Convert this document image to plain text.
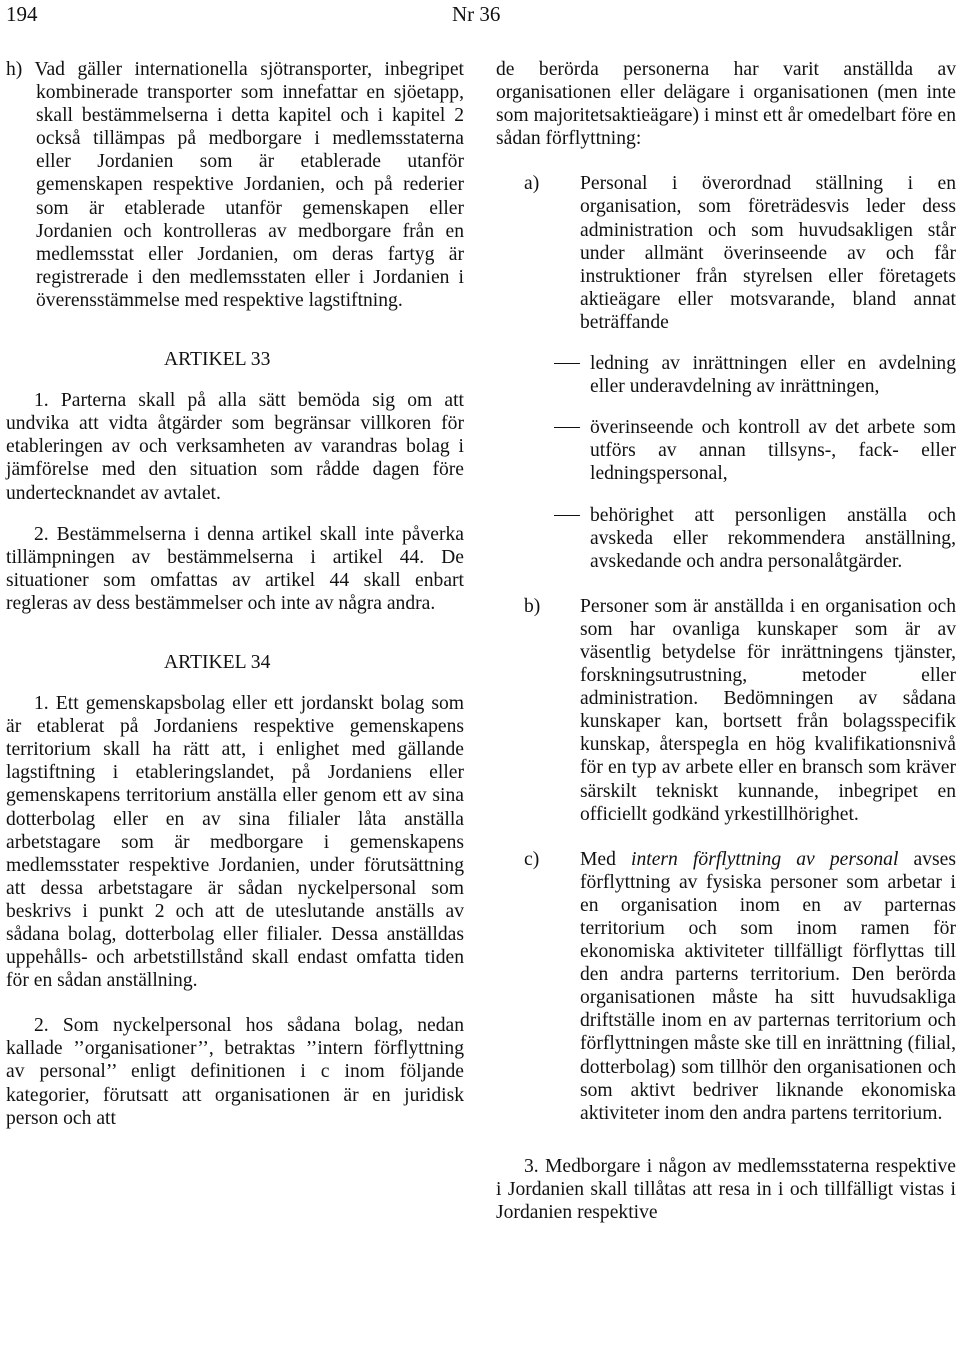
194	Nr 36

h) Vad gäller internationella sjötransporter, inbegripet kombinerade transporter som innefattar en sjöetapp, skall bestämmelserna i detta kapitel och i kapitel 2 också tillämpas på medborgare i medlemsstaterna eller Jordanien som är etablerade utanför gemenskapen respektive Jordanien, och på rederier som är etablerade utanför gemenskapen eller Jordanien och kontrolleras av medborgare från en medlemsstat eller Jordanien, om deras fartyg är registrerade i den medlemsstaten eller i Jordanien i överensstämmelse med respektive lagstiftning.

ARTIKEL 33

1. Parterna skall på alla sätt bemöda sig om att undvika att vidta åtgärder som begränsar villkoren för etableringen av och verksamheten av varandras bolag i jämförelse med den situation som rådde dagen före undertecknandet av avtalet.

2. Bestämmelserna i denna artikel skall inte påverka tillämpningen av bestämmelserna i artikel 44. De situationer som omfattas av artikel 44 skall enbart regleras av dess bestämmelser och inte av några andra.

ARTIKEL 34

1. Ett gemenskapsbolag eller ett jordanskt bolag som är etablerat på Jordaniens respektive gemenskapens territorium skall ha rätt att, i enlighet med gällande lagstiftning i etableringslandet, på Jordaniens eller gemenskapens territorium anställa eller genom ett av sina dotterbolag eller en av sina filialer låta anställa arbetstagare som är medborgare i gemenskapens medlemsstater respektive Jordanien, under förutsättning att dessa arbetstagare är sådan nyckelpersonal som beskrivs i punkt 2 och att de uteslutande anställs av sådana bolag, dotterbolag eller filialer. Dessa anställdas uppehålls- och arbetstillstånd skall endast omfatta tiden för en sådan anställning.

2. Som nyckelpersonal hos sådana bolag, nedan kallade ’’organisationer’’, betraktas ’’intern förflyttning av personal’’ enligt definitionen i c inom följande kategorier, förutsatt att organisationen är en juridisk person och att

de berörda personerna har varit anställda av organisationen eller delägare i organisationen (men inte som majoritetsaktieägare) i minst ett år omedelbart före en sådan förflyttning:

a)	Personal i överordnad ställning i en organisation, som företrädesvis leder dess administration och som huvudsakligen står under allmänt överinseende av och får instruktioner från styrelsen eller företagets aktieägare eller motsvarande, bland annat beträffande
ledning av inrättningen eller en avdelning eller underavdelning av inrättningen,
överinseende och kontroll av det arbete som utförs av annan tillsyns-, fack- eller ledningspersonal,
behörighet att personligen anställa och avskeda eller rekommendera anställning, avskedande och andra personalåtgärder.
b)	Personer som är anställda i en organisation och som har ovanliga kunskaper som är av väsentlig betydelse för inrättningens tjänster, forskningsutrustning, metoder eller administration. Bedömningen av sådana kunskaper kan, bortsett från bolagsspecifik kunskap, återspegla en hög kvalifikationsnivå för en typ av arbete eller en bransch som kräver särskilt tekniskt kunnande, inbegripet en officiellt godkänd yrkestillhörighet.
c)	Med intern förflyttning av personal avses förflyttning av fysiska personer som arbetar i en organisation inom en av parternas territorium och som inom ramen för ekonomiska aktiviteter tillfälligt förflyttas till den andra parterns territorium. Den berörda organisationen måste ha sitt huvudsakliga driftställe inom en av parternas territorium och förflyttningen måste ske till en inrättning (filial, dotterbolag) som tillhör den organisationen och som aktivt bedriver liknande ekonomiska aktiviteter inom den andra partens territorium.

3. Medborgare i någon av medlemsstaterna respektive i Jordanien skall tillåtas att resa in i och tillfälligt vistas i Jordanien respektive
